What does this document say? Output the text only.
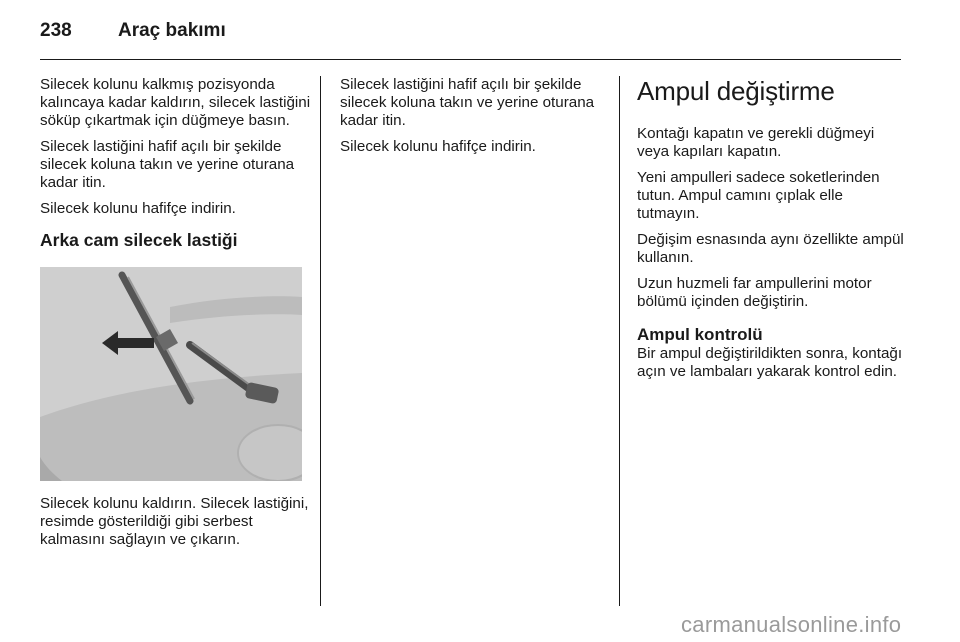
238 Araç bakımı

Silecek kolunu kalkmış pozisyonda kalıncaya kadar kaldırın, silecek lastiğini söküp çıkartmak için düğmeye basın.

Silecek lastiğini hafif açılı bir şekilde silecek koluna takın ve yerine oturana kadar itin.

Silecek kolunu hafifçe indirin.

Arka cam silecek lastiği

Silecek kolunu kaldırın. Silecek lastiğini, resimde gösterildiği gibi serbest kalmasını sağlayın ve çıkarın.

Silecek lastiğini hafif açılı bir şekilde silecek koluna takın ve yerine oturana kadar itin.

Silecek kolunu hafifçe indirin.

Ampul değiştirme

Kontağı kapatın ve gerekli düğmeyi veya kapıları kapatın.

Yeni ampulleri sadece soketlerinden tutun. Ampul camını çıplak elle tutmayın.

Değişim esnasında aynı özellikte ampül kullanın.

Uzun huzmeli far ampullerini motor bölümü içinden değiştirin.

Ampul kontrolü

Bir ampul değiştirildikten sonra, kontağı açın ve lambaları yakarak kontrol edin.

carmanualsonline.info
